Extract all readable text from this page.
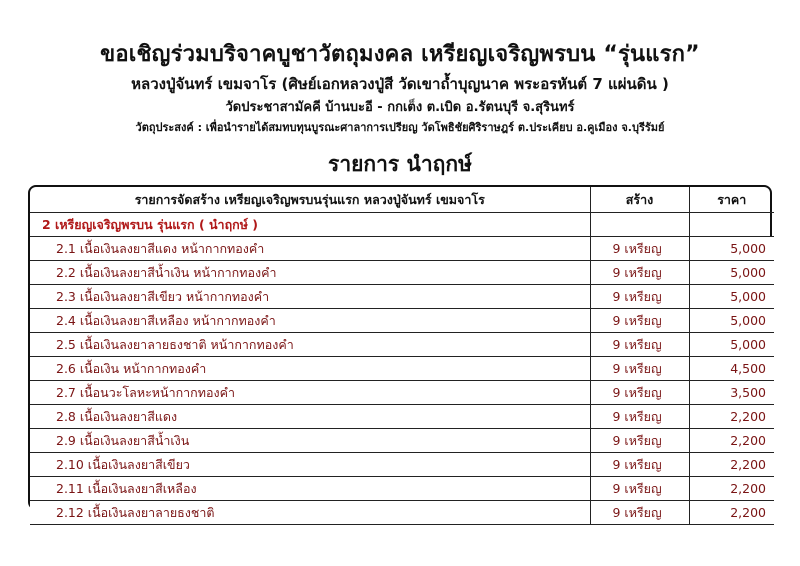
ขอเชิญร่วมบริจาคบูชาวัตถุมงคล เหรียญเจริญพรบน “รุ่นแรก”
หลวงปู่จันทร์ เขมจาโร (ศิษย์เอกหลวงปู่สี วัดเขาถ้ำบุญนาค พระอรหันต์ 7 แผ่นดิน )
วัดประชาสามัคคี บ้านบะอี - กกเต็ง ต.เบิด อ.รัตนบุรี จ.สุรินทร์
วัตถุประสงค์ : เพื่อนำรายได้สมทบทุนบูรณะศาลาการเปรียญ วัดโพธิชัยศิริราษฎร์ ต.ประเคียบ อ.คูเมือง จ.บุรีรัมย์
รายการ นำฤกษ์
รายการจัดสร้าง เหรียญเจริญพรบนรุ่นแรก หลวงปู่จันทร์ เขมจาโร	สร้าง	ราคา
2 เหรียญเจริญพรบน รุ่นแรก ( นำฤกษ์ )		
2.1 เนื้อเงินลงยาสีแดง หน้ากากทองคำ	9 เหรียญ	5,000
2.2 เนื้อเงินลงยาสีน้ำเงิน หน้ากากทองคำ	9 เหรียญ	5,000
2.3 เนื้อเงินลงยาสีเขียว หน้ากากทองคำ	9 เหรียญ	5,000
2.4 เนื้อเงินลงยาสีเหลือง หน้ากากทองคำ	9 เหรียญ	5,000
2.5 เนื้อเงินลงยาลายธงชาติ หน้ากากทองคำ	9 เหรียญ	5,000
2.6 เนื้อเงิน หน้ากากทองคำ	9 เหรียญ	4,500
2.7 เนื้อนวะโลหะหน้ากากทองคำ	9 เหรียญ	3,500
2.8 เนื้อเงินลงยาสีแดง	9 เหรียญ	2,200
2.9 เนื้อเงินลงยาสีน้ำเงิน	9 เหรียญ	2,200
2.10 เนื้อเงินลงยาสีเขียว	9 เหรียญ	2,200
2.11 เนื้อเงินลงยาสีเหลือง	9 เหรียญ	2,200
2.12 เนื้อเงินลงยาลายธงชาติ	9 เหรียญ	2,200
